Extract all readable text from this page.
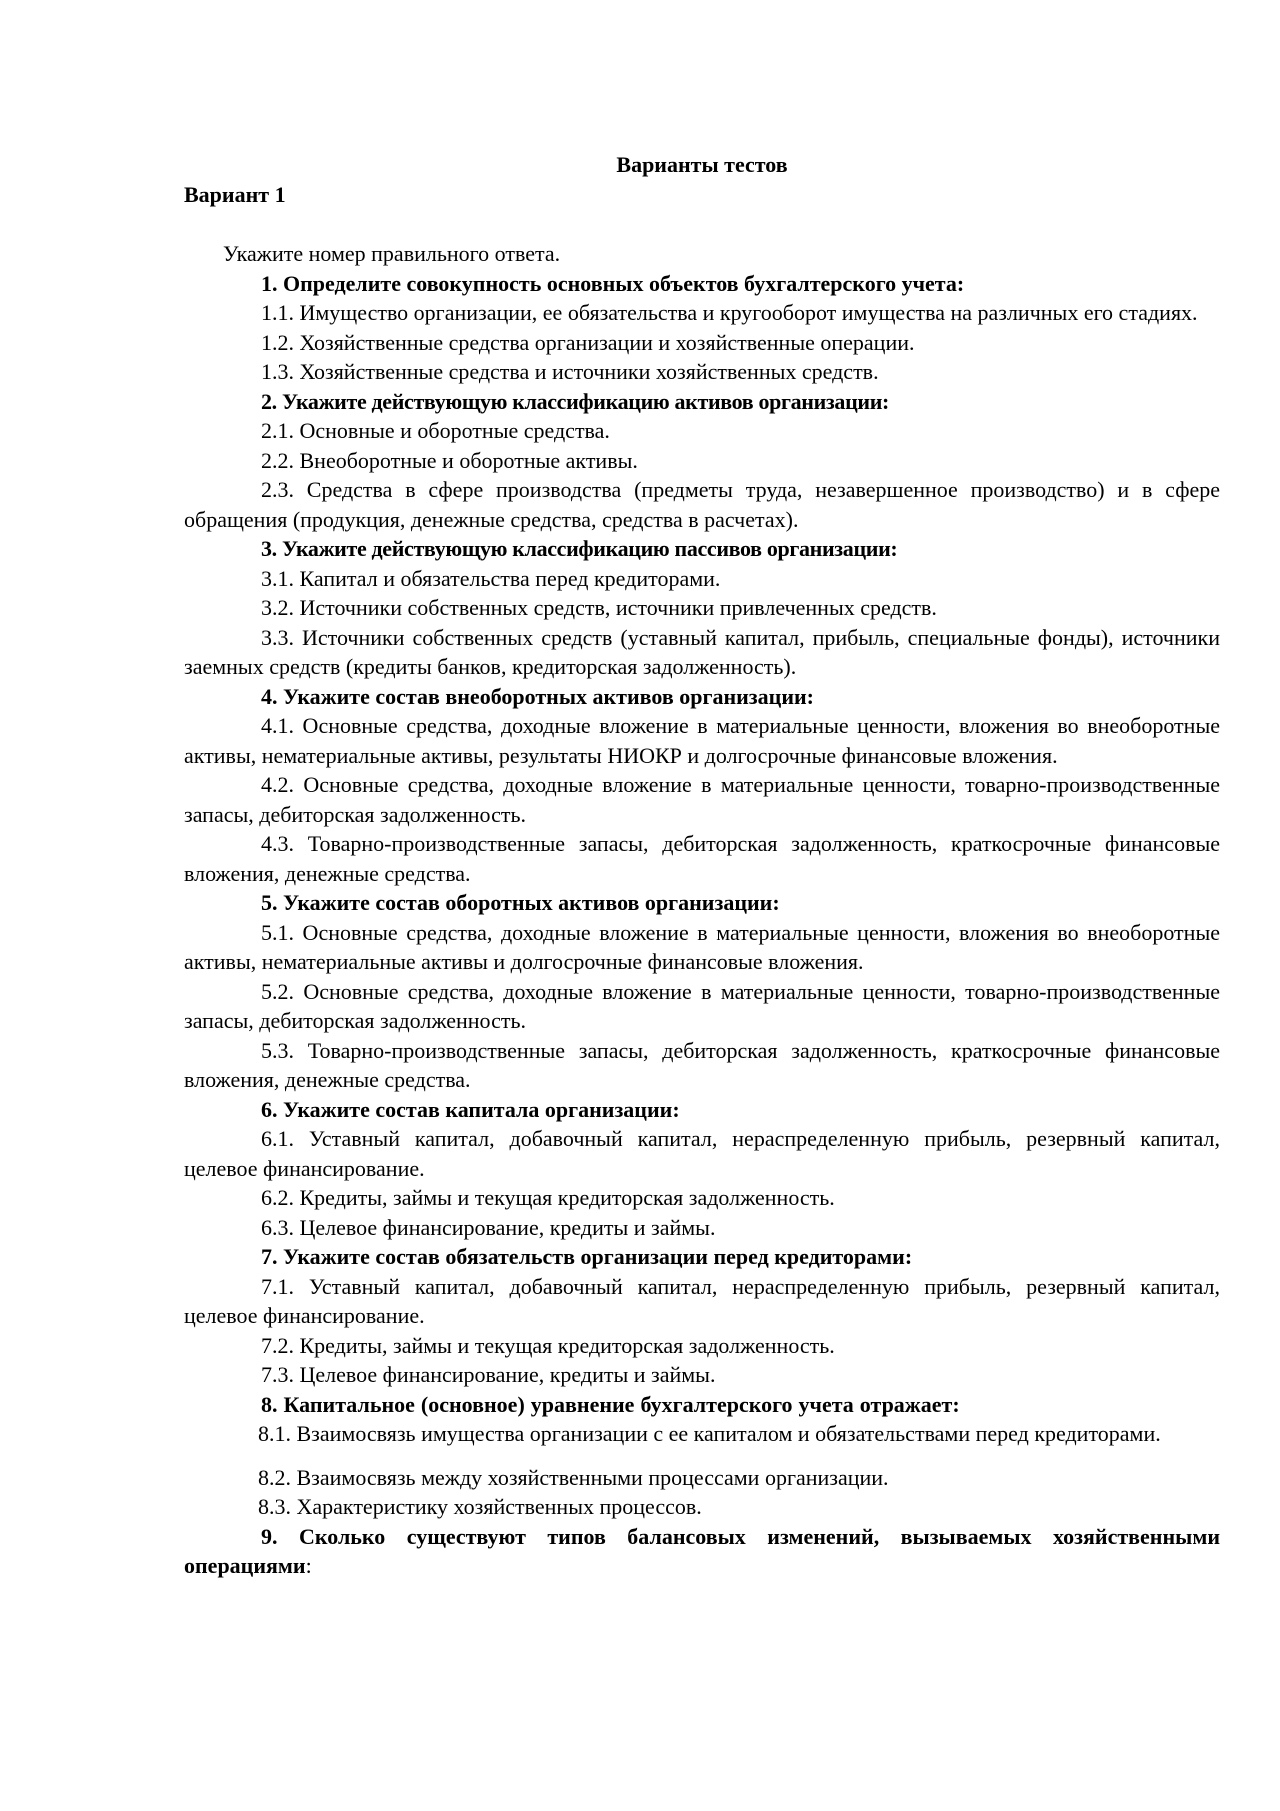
Варианты тестов

Вариант 1

Укажите номер правильного ответа.

1. Определите совокупность основных объектов бухгалтерского учета:

1.1. Имущество организации, ее обязательства и кругооборот имущества на различных его стадиях.

1.2. Хозяйственные средства организации и хозяйственные операции.

1.3. Хозяйственные средства и источники хозяйственных средств.

2. Укажите действующую классификацию активов организации:

2.1. Основные и оборотные средства.

2.2. Внеоборотные и оборотные активы.

2.3. Средства в сфере производства (предметы труда, незавершенное производство) и в сфере обращения (продукция, денежные средства, средства в расчетах).

3. Укажите действующую классификацию пассивов организации:

3.1. Капитал и обязательства перед кредиторами.

3.2. Источники собственных средств, источники привлеченных средств.

3.3. Источники собственных средств (уставный капитал, прибыль, специальные фонды), источники заемных средств (кредиты банков, кредиторская задолженность).

4. Укажите состав внеоборотных активов организации:

4.1. Основные средства, доходные вложение в материальные ценности, вложения во внеоборотные активы, нематериальные активы, результаты НИОКР и долгосрочные финансовые вложения.

4.2. Основные средства, доходные вложение в материальные ценности, товарно-производственные запасы, дебиторская задолженность.

4.3. Товарно-производственные запасы, дебиторская задолженность, краткосрочные финансовые вложения, денежные средства.

5. Укажите состав оборотных активов организации:

5.1. Основные средства, доходные вложение в материальные ценности, вложения во внеоборотные активы, нематериальные активы и долгосрочные финансовые вложения.

5.2. Основные средства, доходные вложение в материальные ценности, товарно-производственные запасы, дебиторская задолженность.

5.3. Товарно-производственные запасы, дебиторская задолженность, краткосрочные финансовые вложения, денежные средства.

6. Укажите состав капитала организации:

6.1. Уставный капитал, добавочный капитал, нераспределенную прибыль, резервный капитал, целевое финансирование.

6.2. Кредиты, займы и текущая кредиторская задолженность.

6.3. Целевое финансирование, кредиты и займы.

7. Укажите состав обязательств организации перед кредиторами:

7.1. Уставный капитал, добавочный капитал, нераспределенную прибыль, резервный капитал, целевое финансирование.

7.2. Кредиты, займы и текущая кредиторская задолженность.

7.3. Целевое финансирование, кредиты и займы.

8. Капитальное (основное) уравнение бухгалтерского учета отражает:

8.1. Взаимосвязь имущества организации с ее капиталом и обязательствами перед кредиторами.

8.2. Взаимосвязь между хозяйственными процессами организации.

8.3. Характеристику хозяйственных процессов.

9. Сколько существуют типов балансовых изменений, вызываемых хозяйственными операциями:
